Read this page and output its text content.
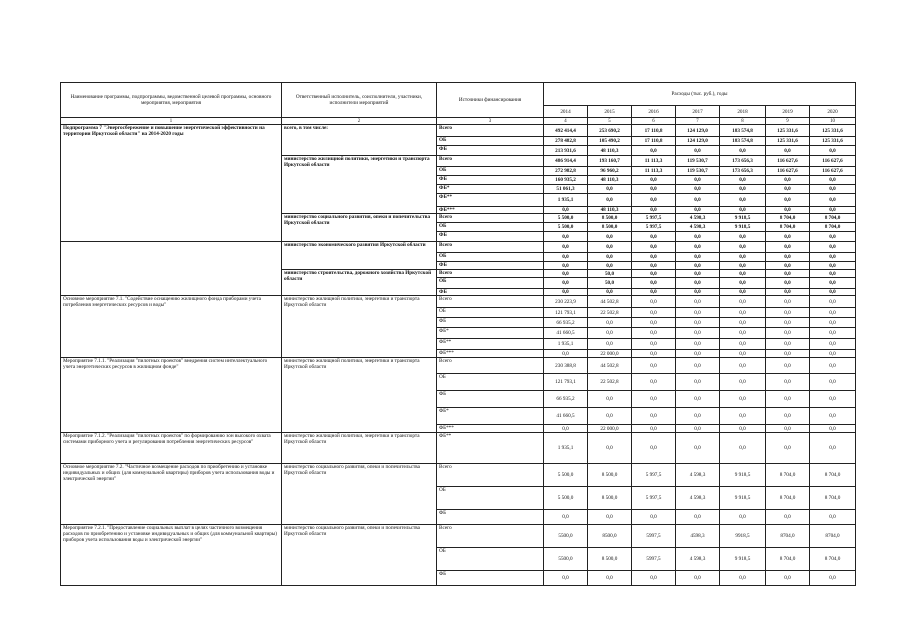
Наименование программы, подпрограммы, ведомственной целевой программы, основного мероприятия, мероприятия	Ответственный исполнитель, соисполнители, участники, исполнители мероприятий	Источники финансирования	Расходы (тыс. руб.), годы						
			2014	2015	2016	2017	2018	2019	2020
1	2	3	4	5	6	7	8	9	10
Подпрограмма 7 "Энергосбережение и повышение энергетической эффективности на территории Иркутской области" на 2014-2020 годы	всего, в том числе:	Всего	492 414,4	253 690,2	17 110,8	124 129,0	183 574,8	125 331,6	125 331,6
		ОБ	278 482,8	105 490,2	17 110,8	124 129,0	183 574,8	125 331,6	125 331,6
		ФБ	213 931,6	48 110,3	0,0	0,0	0,0	0,0	0,0
	министерство жилищной политики, энергетики и транспорта Иркутской области	Всего	486 914,4	193 160,7	11 113,3	119 530,7	173 656,3	116 627,6	116 627,6
		ОБ	272 982,8	96 960,2	11 113,3	119 530,7	173 656,3	116 627,6	116 627,6
		ФБ	160 935,2	48 110,3	0,0	0,0	0,0	0,0	0,0
		ФБ*	51 061,3	0,0	0,0	0,0	0,0	0,0	0,0
		ФБ**	1 935,1	0,0	0,0	0,0	0,0	0,0	0,0
		ФБ***	0,0	48 110,3	0,0	0,0	0,0	0,0	0,0
	министерство социального развития, опеки и попечительства Иркутской области	Всего	5 500,0	8 500,0	5 997,5	4 598,3	9 918,5	8 704,0	8 704,0
		ОБ	5 500,0	8 500,0	5 997,5	4 598,3	9 918,5	8 704,0	8 704,0
		ФБ	0,0	0,0	0,0	0,0	0,0	0,0	0,0
	министерство экономического развития Иркутской области	Всего	0,0	0,0	0,0	0,0	0,0	0,0	0,0
		ОБ	0,0	0,0	0,0	0,0	0,0	0,0	0,0
		ФБ	0,0	0,0	0,0	0,0	0,0	0,0	0,0
	министерство строительства, дорожного хозяйства Иркутской области	Всего	0,0	50,0	0,0	0,0	0,0	0,0	0,0
		ОБ	0,0	50,0	0,0	0,0	0,0	0,0	0,0
		ФБ	0,0	0,0	0,0	0,0	0,0	0,0	0,0
Основное мероприятие 7.1. "Содействие оснащению жилищного фонда приборами учета потребления энергетических ресурсов и воды"	министерство жилищной политики, энергетики и транспорта Иркутской области	Всего	230 223,9	44 502,8	0,0	0,0	0,0	0,0	0,0
		ОБ	121 793,1	22 502,8	0,0	0,0	0,0	0,0	0,0
		ФБ	66 935,2	0,0	0,0	0,0	0,0	0,0	0,0
		ФБ*	41 660,5	0,0	0,0	0,0	0,0	0,0	0,0
		ФБ**	1 935,1	0,0	0,0	0,0	0,0	0,0	0,0
		ФБ***	0,0	22 000,0	0,0	0,0	0,0	0,0	0,0
Мероприятие 7.1.1. "Реализация "пилотных проектов" внедрения систем интеллектуального учета энергетических ресурсов в жилищном фонде"	министерство жилищной политики, энергетики и транспорта Иркутской области	Всего	230 388,8	44 502,8	0,0	0,0	0,0	0,0	0,0
		ОБ	121 793,1	22 502,8	0,0	0,0	0,0	0,0	0,0
		ФБ	66 935,2	0,0	0,0	0,0	0,0	0,0	0,0
		ФБ*	41 660,5	0,0	0,0	0,0	0,0	0,0	0,0
		ФБ***	0,0	22 000,0	0,0	0,0	0,0	0,0	0,0
Мероприятие 7.1.2. "Реализация "пилотных проектов" по формированию зон высокого охвата системами приборного учета и регулирования потребления энергетических ресурсов"	министерство жилищной политики, энергетики и транспорта Иркутской области	ФБ**	1 935,1	0,0	0,0	0,0	0,0	0,0	0,0
Основное мероприятие 7.2. "Частичное возмещение расходов по приобретению и установке индивидуальных и общих (для коммунальной квартиры) приборов учета использования воды и электрической энергии"	министерство социального развития, опеки и попечительства Иркутской области	Всего	5 500,0	8 500,0	5 997,5	4 598,3	9 918,5	8 704,0	8 704,0
		ОБ	5 500,0	8 500,0	5 997,5	4 598,3	9 918,5	8 704,0	8 704,0
		ФБ	0,0	0,0	0,0	0,0	0,0	0,0	0,0
Мероприятие 7.2.1. "Предоставление социальных выплат в целях частичного возмещения расходов по приобретению и установке индивидуальных и общих (для коммунальной квартиры) приборов учета использования воды и электрической энергии"	министерство социального развития, опеки и попечительства Иркутской области	Всего	5500,0	8500,0	5997,5	4598,3	9918,5	8704,0	8704,0
		ОБ	5500,0	8 500,0	5997,5	4 598,3	9 918,5	8 704,0	8 704,0
		ФБ	0,0	0,0	0,0	0,0	0,0	0,0	0,0
